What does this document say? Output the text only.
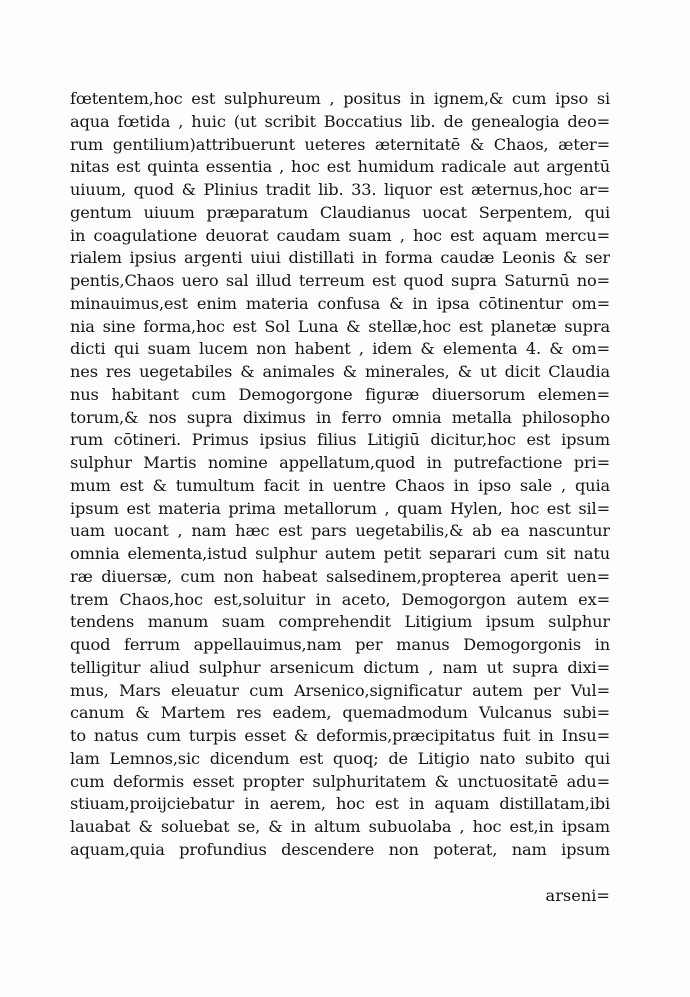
fœtentem,hoc est sulphureum , positus in ignem,& cum ipso si
aqua fœtida , huic (ut scribit Boccatius lib. de genealogia deo=
rum gentilium)attribuerunt ueteres æternitatē & Chaos, æter=
nitas est quinta essentia , hoc est humidum radicale aut argentū
uiuum, quod & Plinius tradit lib. 33. liquor est æternus,hoc ar=
gentum uiuum præparatum Claudianus uocat Serpentem, qui
in coagulatione deuorat caudam suam , hoc est aquam mercu=
rialem ipsius argenti uiui distillati in forma caudæ Leonis & ser
pentis,Chaos uero sal illud terreum est quod supra Saturnū no=
minauimus,est enim materia confusa & in ipsa cōtinentur om=
nia sine forma,hoc est Sol Luna & stellæ,hoc est planetæ supra
dicti qui suam lucem non habent , idem & elementa 4. & om=
nes res uegetabiles & animales & minerales, & ut dicit Claudia
nus habitant cum Demogorgone figuræ diuersorum elemen=
torum,& nos supra diximus in ferro omnia metalla philosopho
rum cōtineri. Primus ipsius filius Litigiū dicitur,hoc est ipsum
sulphur Martis nomine appellatum,quod in putrefactione pri=
mum est & tumultum facit in uentre Chaos in ipso sale , quia
ipsum est materia prima metallorum , quam Hylen, hoc est sil=
uam uocant , nam hæc est pars uegetabilis,& ab ea nascuntur
omnia elementa,istud sulphur autem petit separari cum sit natu
ræ diuersæ, cum non habeat salsedinem,propterea aperit uen=
trem Chaos,hoc est,soluitur in aceto, Demogorgon autem ex=
tendens manum suam comprehendit Litigium ipsum sulphur
quod ferrum appellauimus,nam per manus Demogorgonis in
telligitur aliud sulphur arsenicum dictum , nam ut supra dixi=
mus, Mars eleuatur cum Arsenico,significatur autem per Vul=
canum & Martem res eadem, quemadmodum Vulcanus subi=
to natus cum turpis esset & deformis,præcipitatus fuit in Insu=
lam Lemnos,sic dicendum est quoq; de Litigio nato subito qui
cum deformis esset propter sulphuritatem & unctuositatē adu=
stiuam,proijciebatur in aerem, hoc est in aquam distillatam,ibi
lauabat & soluebat se, & in altum subuolaba , hoc est,in ipsam
aquam,quia profundius descendere non poterat, nam ipsum
arseni=
